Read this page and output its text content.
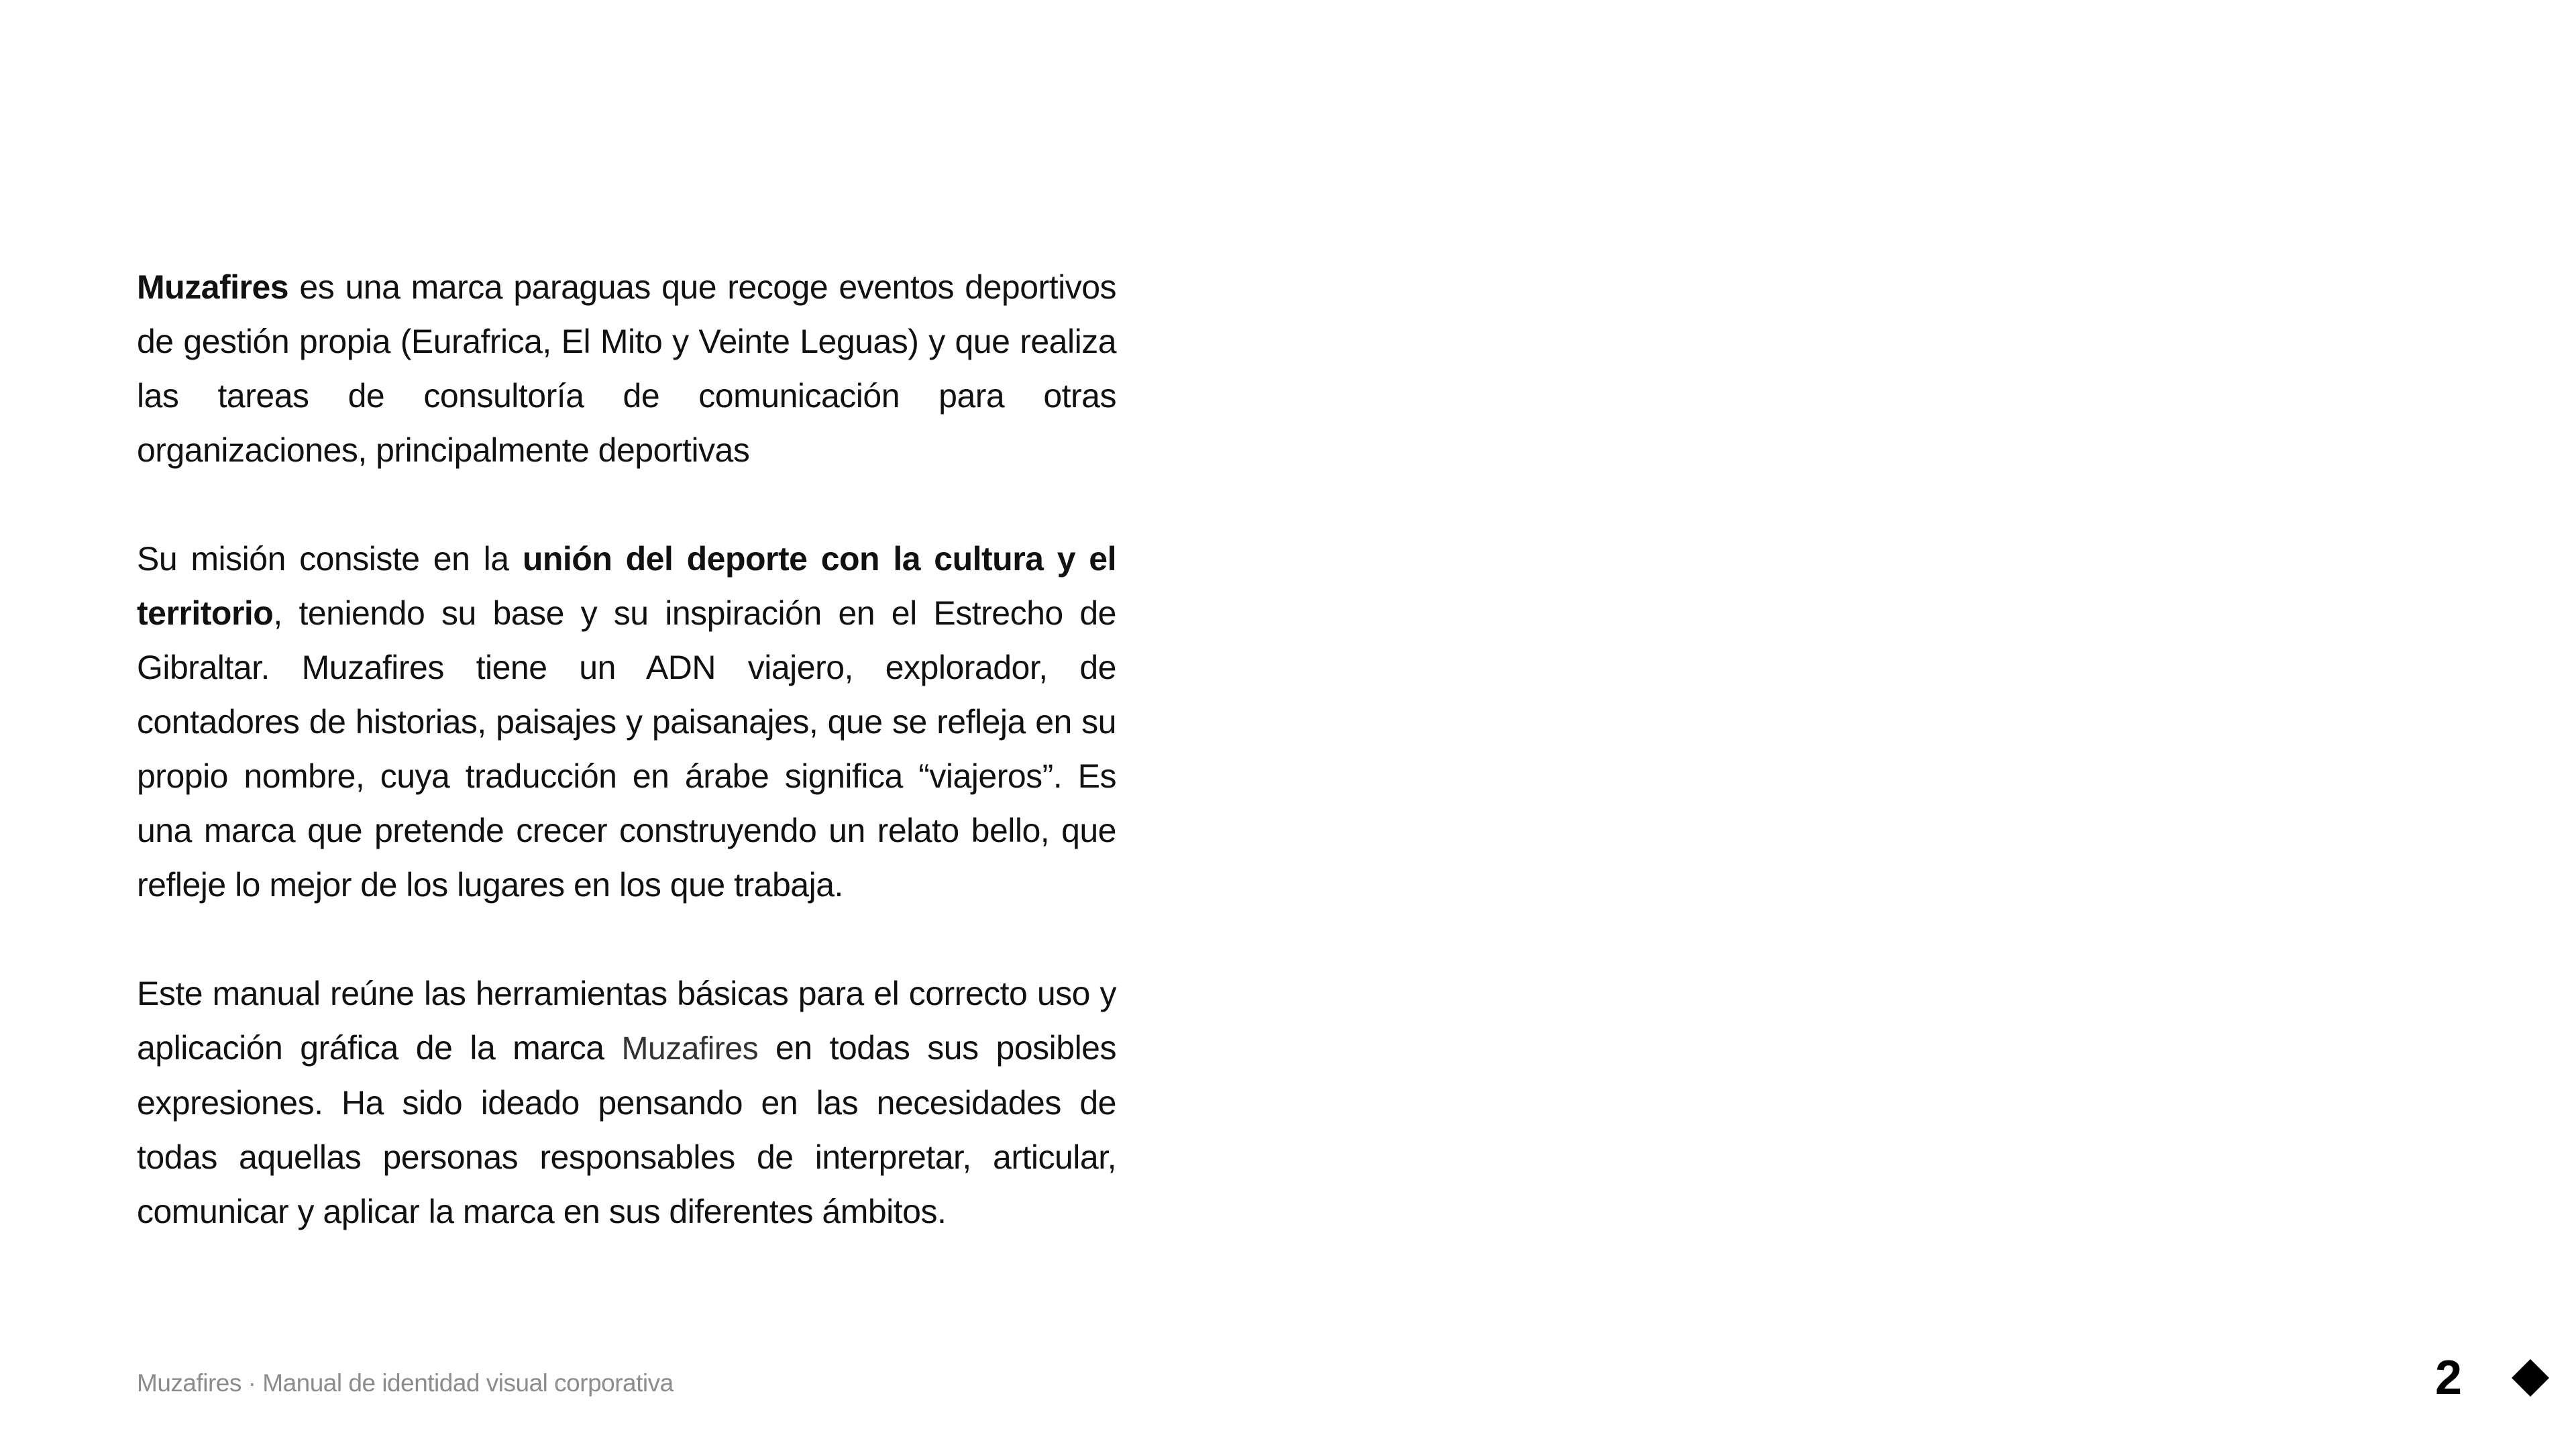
Muzafires es una marca paraguas que recoge eventos deportivos de gestión propia (Eurafrica, El Mito y Veinte Leguas) y que realiza las tareas de consultoría de comunicación para otras organizaciones, principalmente deportivas

Su misión consiste en la unión del deporte con la cultura y el territorio, teniendo su base y su inspiración en el Estrecho de Gibraltar. Muzafires tiene un ADN viajero, explorador, de contadores de historias, paisajes y paisanajes, que se refleja en su propio nombre, cuya traducción en árabe significa “viajeros”. Es una marca que pretende crecer construyendo un relato bello, que refleje lo mejor de los lugares en los que trabaja.

Este manual reúne las herramientas básicas para el correcto uso y aplicación gráfica de la marca Muzafires en todas sus posibles expresiones. Ha sido ideado pensando en las necesidades de todas aquellas personas responsables de interpretar, articular, comunicar y aplicar la marca en sus diferentes ámbitos.

Muzafires · Manual de identidad visual corporativa	2
